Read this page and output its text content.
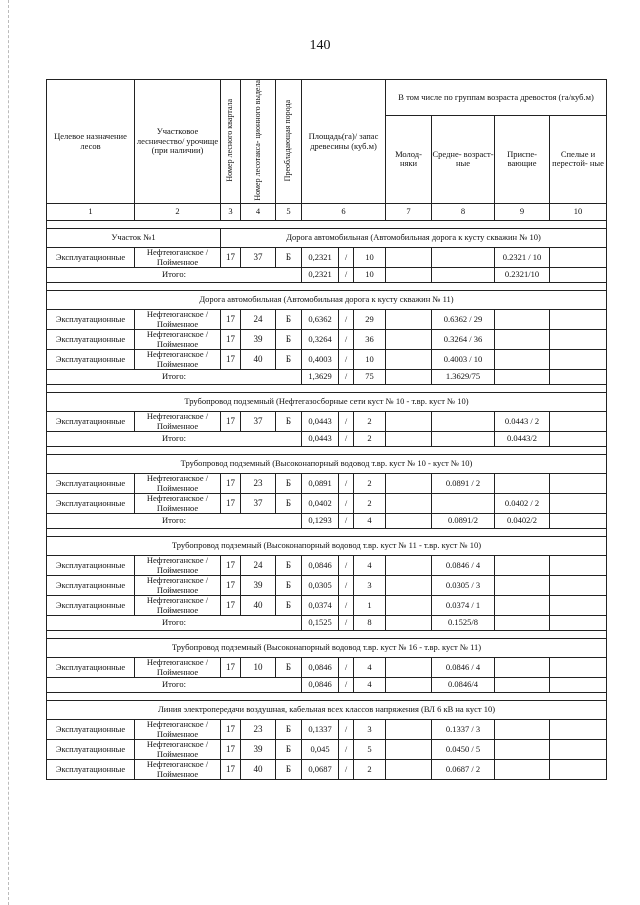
140
Целевое назначение лесов	Участковое лесничество/ урочище (при наличии)	Номер лесного квартала	Номер лесотакса- ционного выдела	Преобладающая порода	Площадь(га)/ запас древесины (куб.м)			В том числе по группам возраста древостоя (га/куб.м)			
								Молод- няки	Средне- возраст- ные	Приспе- вающие	Спелые и перестой- ные
1	2	3	4	5	6			7	8	9	10

Участок №1		Дорога автомобильная (Автомобильная дорога к кусту скважин № 10)									
Эксплуатационные	Нефтеюганское / Пойменное	17	37	Б	0,2321	/	10			0.2321 / 10	
Итого:					0,2321	/	10			0.2321/10	

Дорога автомобильная (Автомобильная дорога к кусту скважин № 11)											
Эксплуатационные	Нефтеюганское / Пойменное	17	24	Б	0,6362	/	29		0.6362 / 29		
Эксплуатационные	Нефтеюганское / Пойменное	17	39	Б	0,3264	/	36		0.3264 / 36		
Эксплуатационные	Нефтеюганское / Пойменное	17	40	Б	0,4003	/	10		0.4003 / 10		
Итого:					1,3629	/	75		1.3629/75		

Трубопровод подземный (Нефтегазосборные сети куст № 10 - т.вр. куст № 10)											
Эксплуатационные	Нефтеюганское / Пойменное	17	37	Б	0,0443	/	2			0.0443 / 2	
Итого:					0,0443	/	2			0.0443/2	

Трубопровод подземный (Высоконапорный водовод т.вр. куст № 10 - куст № 10)											
Эксплуатационные	Нефтеюганское / Пойменное	17	23	Б	0,0891	/	2		0.0891 / 2		
Эксплуатационные	Нефтеюганское / Пойменное	17	37	Б	0,0402	/	2			0.0402 / 2	
Итого:					0,1293	/	4		0.0891/2	0.0402/2	

Трубопровод подземный (Высоконапорный водовод т.вр. куст № 11 - т.вр. куст № 10)											
Эксплуатационные	Нефтеюганское / Пойменное	17	24	Б	0,0846	/	4		0.0846 / 4		
Эксплуатационные	Нефтеюганское / Пойменное	17	39	Б	0,0305	/	3		0.0305 / 3		
Эксплуатационные	Нефтеюганское / Пойменное	17	40	Б	0,0374	/	1		0.0374 / 1		
Итого:					0,1525	/	8		0.1525/8		

Трубопровод подземный (Высоконапорный водовод т.вр. куст № 16 - т.вр. куст № 11)											
Эксплуатационные	Нефтеюганское / Пойменное	17	10	Б	0,0846	/	4		0.0846 / 4		
Итого:					0,0846	/	4		0.0846/4		

Линия электропередачи воздушная, кабельная всех классов напряжения (ВЛ 6 кВ на куст 10)											
Эксплуатационные	Нефтеюганское / Пойменное	17	23	Б	0,1337	/	3		0.1337 / 3		
Эксплуатационные	Нефтеюганское / Пойменное	17	39	Б	0,045	/	5		0.0450 / 5		
Эксплуатационные	Нефтеюганское / Пойменное	17	40	Б	0,0687	/	2		0.0687 / 2		
